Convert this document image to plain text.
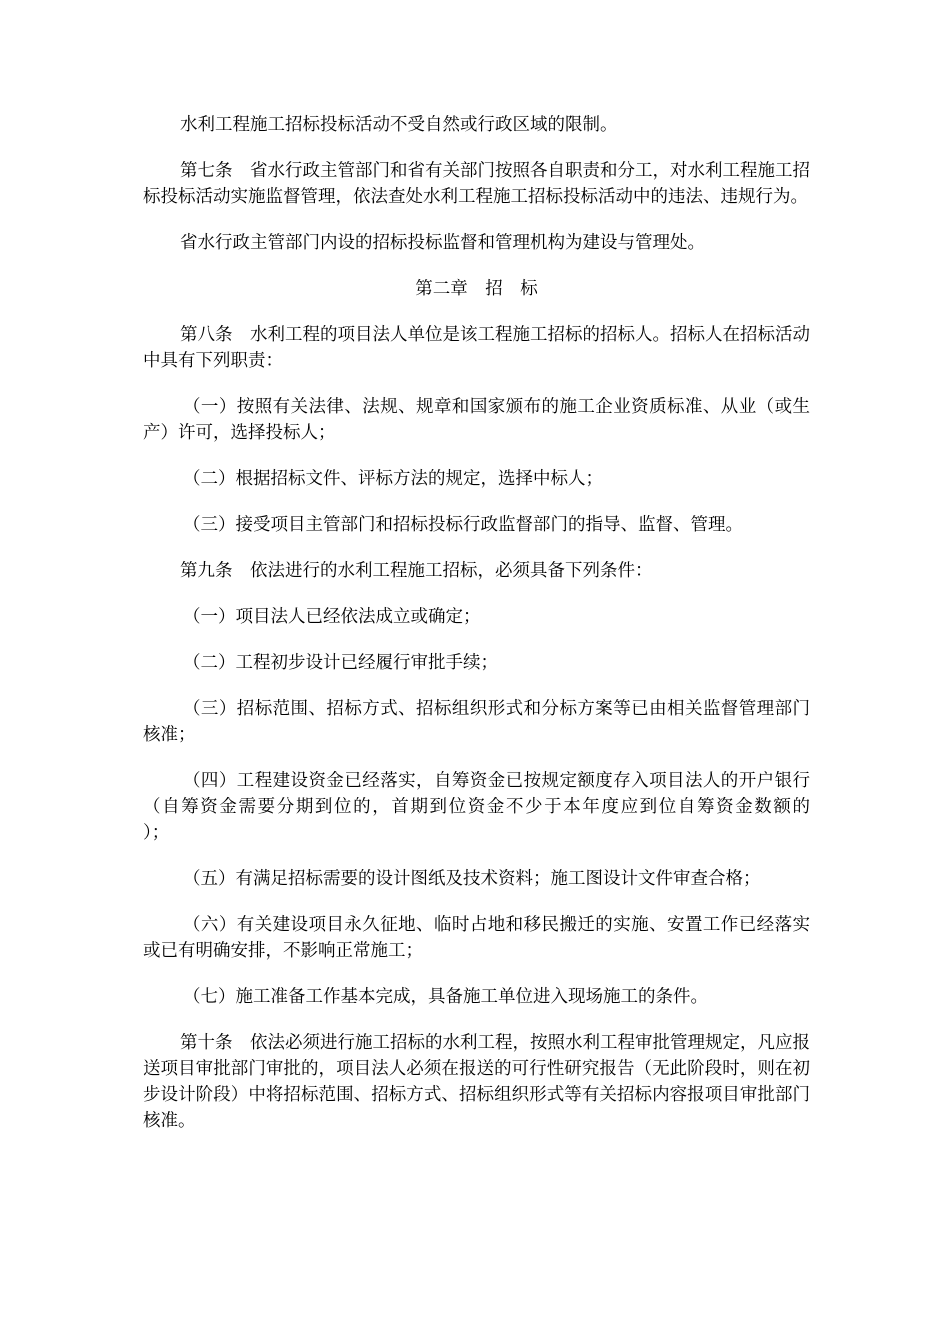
水利工程施工招标投标活动不受自然或行政区域的限制。

第七条　省水行政主管部门和省有关部门按照各自职责和分工，对水利工程施工招标投标活动实施监督管理，依法查处水利工程施工招标投标活动中的违法、违规行为。

省水行政主管部门内设的招标投标监督和管理机构为建设与管理处。

第二章　招　标

第八条　水利工程的项目法人单位是该工程施工招标的招标人。招标人在招标活动中具有下列职责：

（一）按照有关法律、法规、规章和国家颁布的施工企业资质标准、从业（或生产）许可，选择投标人；

（二）根据招标文件、评标方法的规定，选择中标人；

（三）接受项目主管部门和招标投标行政监督部门的指导、监督、管理。

第九条　依法进行的水利工程施工招标，必须具备下列条件：

（一）项目法人已经依法成立或确定；

（二）工程初步设计已经履行审批手续；

（三）招标范围、招标方式、招标组织形式和分标方案等已由相关监督管理部门核准；

（四）工程建设资金已经落实，自筹资金已按规定额度存入项目法人的开户银行（自筹资金需要分期到位的，首期到位资金不少于本年度应到位自筹资金数额的　　）；

（五）有满足招标需要的设计图纸及技术资料；施工图设计文件审查合格；

（六）有关建设项目永久征地、临时占地和移民搬迁的实施、安置工作已经落实或已有明确安排，不影响正常施工；

（七）施工准备工作基本完成，具备施工单位进入现场施工的条件。

第十条　依法必须进行施工招标的水利工程，按照水利工程审批管理规定，凡应报送项目审批部门审批的，项目法人必须在报送的可行性研究报告（无此阶段时，则在初步设计阶段）中将招标范围、招标方式、招标组织形式等有关招标内容报项目审批部门核准。
